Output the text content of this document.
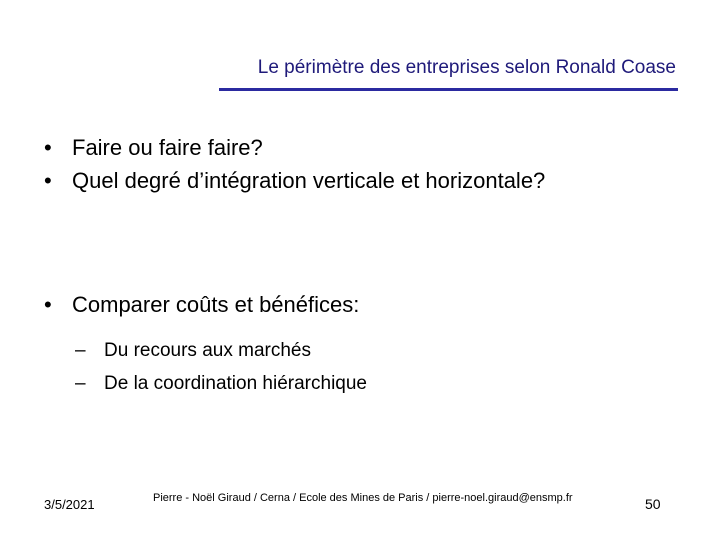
Le périmètre des entreprises selon Ronald Coase
• Faire ou faire faire?
• Quel degré d’intégration verticale et horizontale?
• Comparer coûts et bénéfices:
– Du recours aux marchés
– De la coordination hiérarchique
3/5/2021	Pierre - Noël Giraud / Cerna / Ecole des Mines de Paris / pierre-noel.giraud@ensmp.fr	50
